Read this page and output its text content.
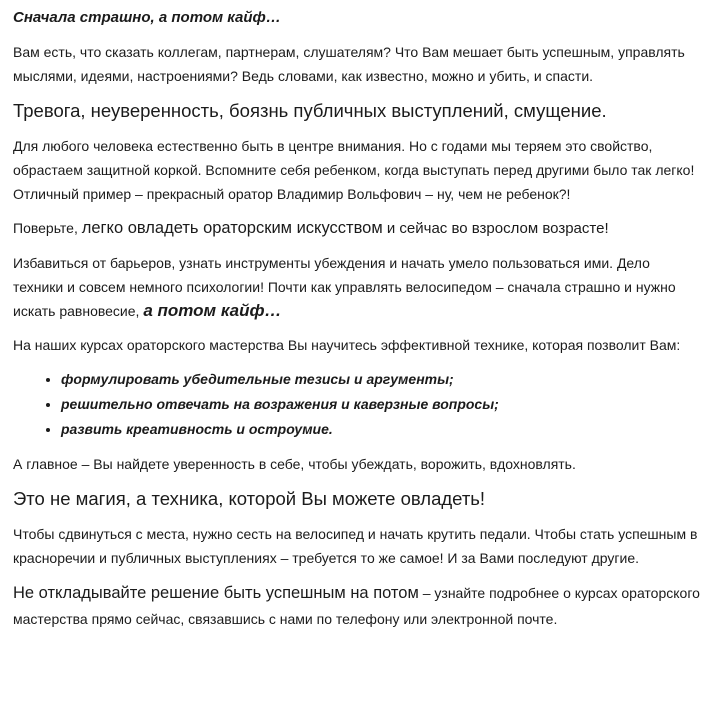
Сначала страшно, а потом кайф…

Вам есть, что сказать коллегам, партнерам, слушателям? Что Вам мешает быть успешным, управлять мыслями, идеями, настроениями? Ведь словами, как известно, можно и убить, и спасти.

Тревога, неуверенность, боязнь публичных выступлений, смущение.

Для любого человека естественно быть в центре внимания. Но с годами мы теряем это свойство, обрастаем защитной коркой. Вспомните себя ребенком, когда выступать перед другими было так легко! Отличный пример – прекрасный оратор Владимир Вольфович – ну, чем не ребенок?!

Поверьте, легко овладеть ораторским искусством и сейчас во взрослом возрасте!

Избавиться от барьеров, узнать инструменты убеждения и начать умело пользоваться ими. Дело техники и совсем немного психологии! Почти как управлять велосипедом – сначала страшно и нужно искать равновесие, а потом кайф…

На наших курсах ораторского мастерства Вы научитесь эффективной технике, которая позволит Вам:

• формулировать убедительные тезисы и аргументы;
• решительно отвечать на возражения и каверзные вопросы;
• развить креативность и остроумие.

А главное – Вы найдете уверенность в себе, чтобы убеждать, ворожить, вдохновлять.

Это не магия, а техника, которой Вы можете овладеть!

Чтобы сдвинуться с места, нужно сесть на велосипед и начать крутить педали. Чтобы стать успешным в красноречии и публичных выступлениях – требуется то же самое! И за Вами последуют другие.

Не откладывайте решение быть успешным на потом – узнайте подробнее о курсах ораторского мастерства прямо сейчас, связавшись с нами по телефону или электронной почте.
